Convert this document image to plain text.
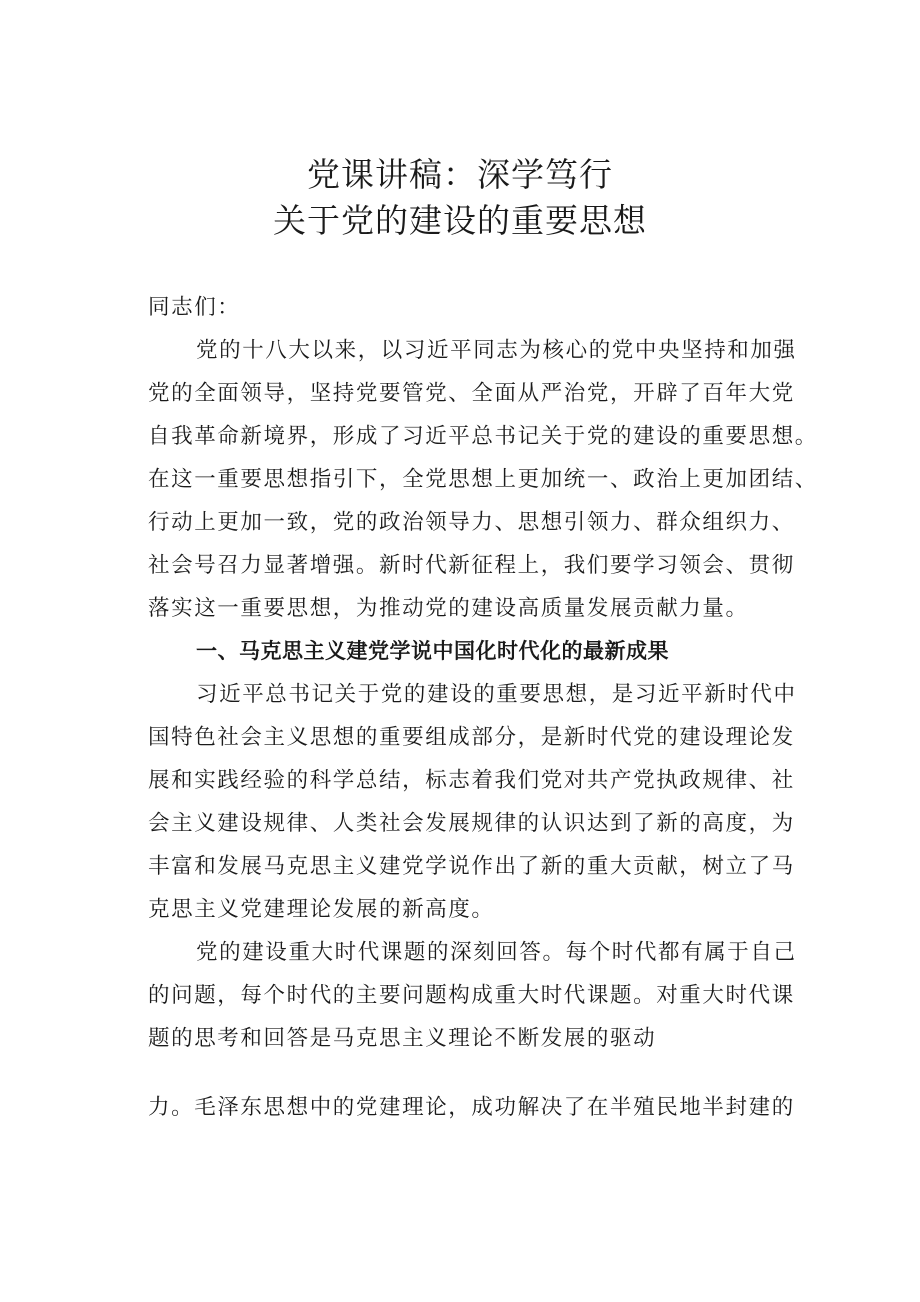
党课讲稿：深学笃行
关于党的建设的重要思想
同志们：
党的十八大以来，以习近平同志为核心的党中央坚持和加强
党的全面领导，坚持党要管党、全面从严治党，开辟了百年大党
自我革命新境界，形成了习近平总书记关于党的建设的重要思想。
在这一重要思想指引下，全党思想上更加统一、政治上更加团结、
行动上更加一致，党的政治领导力、思想引领力、群众组织力、
社会号召力显著增强。新时代新征程上，我们要学习领会、贯彻
落实这一重要思想，为推动党的建设高质量发展贡献力量。
一、马克思主义建党学说中国化时代化的最新成果
习近平总书记关于党的建设的重要思想，是习近平新时代中
国特色社会主义思想的重要组成部分，是新时代党的建设理论发
展和实践经验的科学总结，标志着我们党对共产党执政规律、社
会主义建设规律、人类社会发展规律的认识达到了新的高度，为
丰富和发展马克思主义建党学说作出了新的重大贡献，树立了马
克思主义党建理论发展的新高度。
党的建设重大时代课题的深刻回答。每个时代都有属于自己
的问题，每个时代的主要问题构成重大时代课题。对重大时代课
题的思考和回答是马克思主义理论不断发展的驱动
力。毛泽东思想中的党建理论，成功解决了在半殖民地半封建的
